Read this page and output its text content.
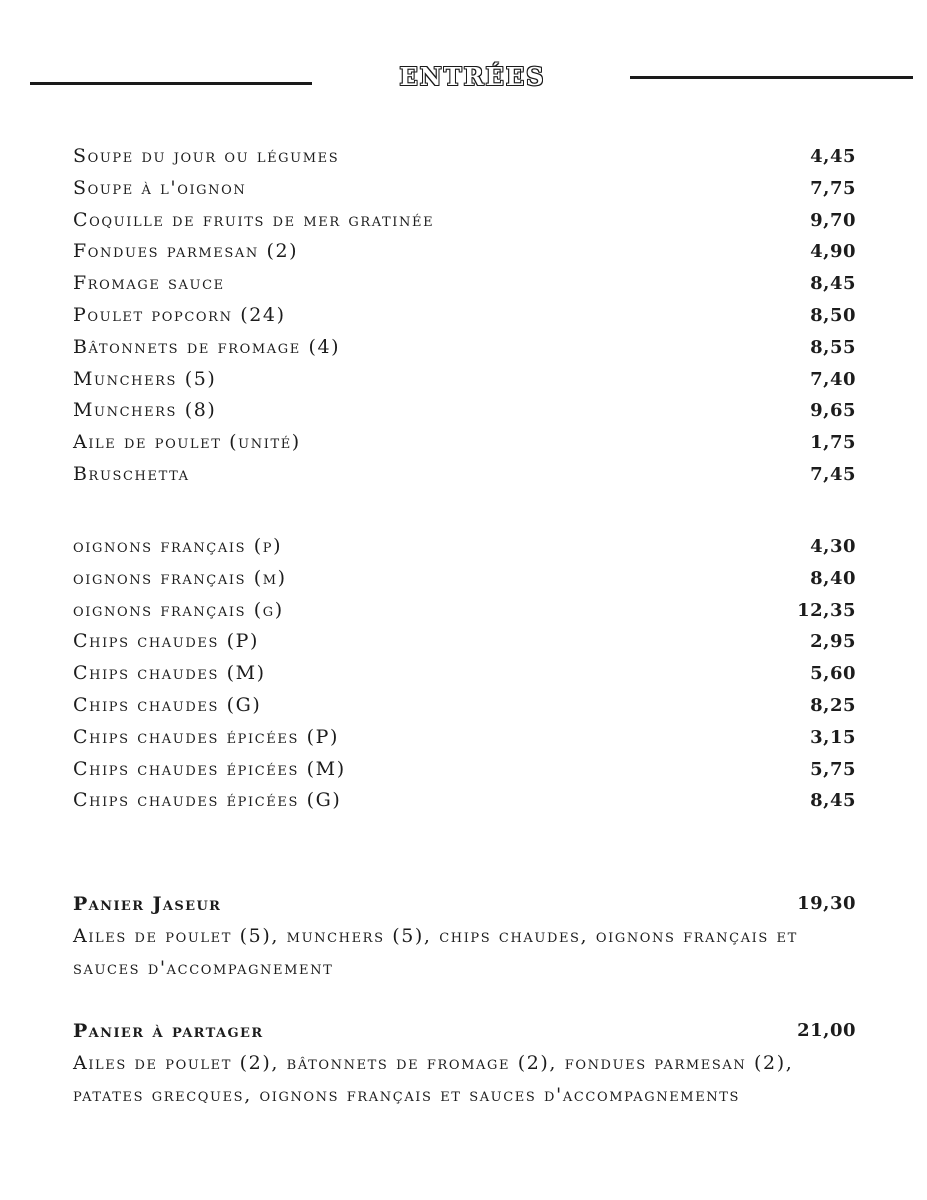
ENTRÉES
Soupe du jour ou légumes	4,45
Soupe à l'oignon	7,75
Coquille de fruits de mer gratinée	9,70
Fondues parmesan (2)	4,90
Fromage sauce	8,45
Poulet popcorn (24)	8,50
Bâtonnets de fromage (4)	8,55
Munchers (5)	7,40
Munchers (8)	9,65
Aile de poulet (unité)	1,75
Bruschetta	7,45
oignons français (p)	4,30
oignons français (m)	8,40
oignons français (g)	12,35
Chips chaudes (P)	2,95
Chips chaudes (M)	5,60
Chips chaudes (G)	8,25
Chips chaudes épicées (P)	3,15
Chips chaudes épicées (M)	5,75
Chips chaudes épicées (G)	8,45
Panier Jaseur	19,30
Ailes de poulet (5), munchers (5), chips chaudes, oignons français et sauces d'accompagnement
Panier à partager	21,00
Ailes de poulet (2), bâtonnets de fromage (2), fondues parmesan (2), patates grecques, oignons français et sauces d'accompagnements
